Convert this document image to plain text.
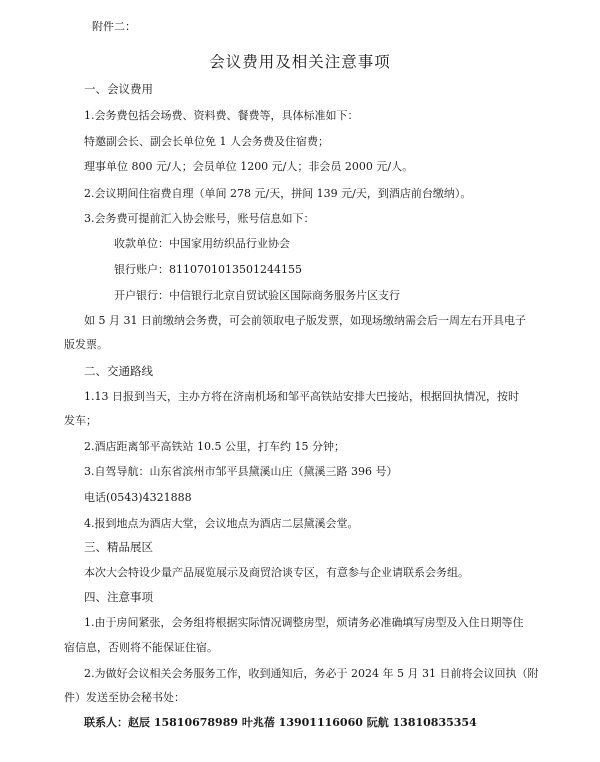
附件二：
会议费用及相关注意事项
一、会议费用
1.会务费包括会场费、资料费、餐费等，具体标准如下：
特邀副会长、副会长单位免 1 人会务费及住宿费；
理事单位 800 元/人；会员单位 1200 元/人；非会员 2000 元/人。
2.会议期间住宿费自理（单间 278 元/天，拼间 139 元/天，到酒店前台缴纳）。
3.会务费可提前汇入协会账号，账号信息如下：
收款单位：中国家用纺织品行业协会
银行账户：8110701013501244155
开户银行：中信银行北京自贸试验区国际商务服务片区支行
如 5 月 31 日前缴纳会务费，可会前领取电子版发票，如现场缴纳需会后一周左右开具电子
版发票。
二、交通路线
1.13 日报到当天，主办方将在济南机场和邹平高铁站安排大巴接站，根据回执情况，按时
发车；
2.酒店距离邹平高铁站 10.5 公里，打车约 15 分钟；
3.自驾导航：山东省滨州市邹平县黛溪山庄（黛溪三路 396 号）
电话(0543)4321888
4.报到地点为酒店大堂，会议地点为酒店二层黛溪会堂。
三、精品展区
本次大会特设少量产品展览展示及商贸洽谈专区，有意参与企业请联系会务组。
四、注意事项
1.由于房间紧张，会务组将根据实际情况调整房型，烦请务必准确填写房型及入住日期等住
宿信息，否则将不能保证住宿。
2.为做好会议相关会务服务工作，收到通知后，务必于 2024 年 5 月 31 日前将会议回执（附
件）发送至协会秘书处：
联系人：赵辰 15810678989 叶兆蓓 13901116060 阮航 13810835354
